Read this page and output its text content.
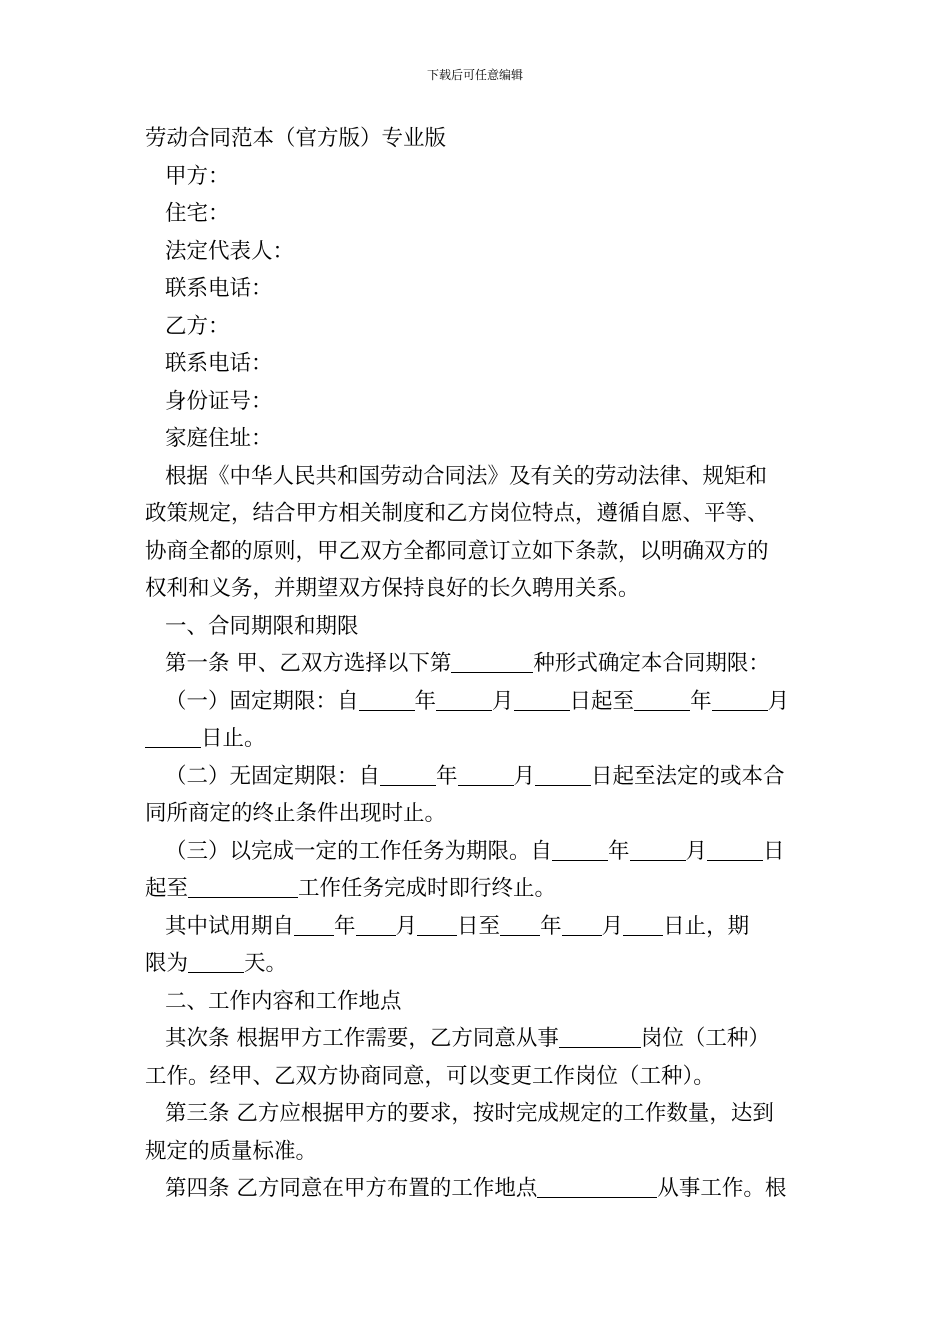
下载后可任意编辑

劳动合同范本（官方版）专业版

甲方：

住宅：

法定代表人：

联系电话：

乙方：

联系电话：

身份证号：

家庭住址：

根据《中华人民共和国劳动合同法》及有关的劳动法律、规矩和

政策规定，结合甲方相关制度和乙方岗位特点，遵循自愿、平等、

协商全都的原则，甲乙双方全都同意订立如下条款，以明确双方的

权利和义务，并期望双方保持良好的长久聘用关系。

一、合同期限和期限

第一条 甲、乙双方选择以下第	种形式确定本合同期限：

（一）固定期限：自	年	月	日起至	年	月

日止。

（二）无固定期限：自	年	月	日起至法定的或本合

同所商定的终止条件出现时止。

（三）以完成一定的工作任务为期限。自	年	月	日

起至	工作任务完成时即行终止。

其中试用期自 年 月 日至 年 月 日止，期

限为	天。

二、工作内容和工作地点

其次条 根据甲方工作需要，乙方同意从事	岗位（工种）

工作。经甲、乙双方协商同意，可以变更工作岗位（工种）。

第三条 乙方应根据甲方的要求，按时完成规定的工作数量，达到

规定的质量标准。

第四条 乙方同意在甲方布置的工作地点	从事工作。根
